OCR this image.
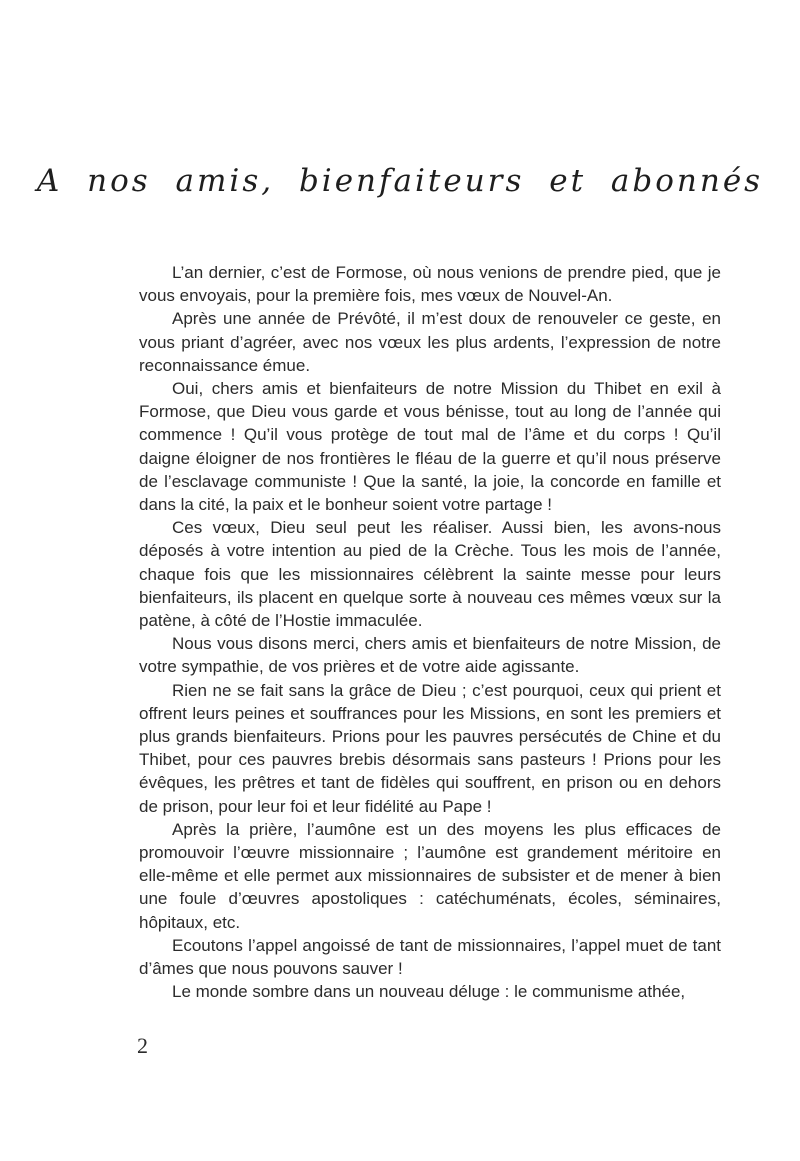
A nos amis, bienfaiteurs et abonnés

L’an dernier, c’est de Formose, où nous venions de prendre pied, que je vous envoyais, pour la première fois, mes vœux de Nouvel-An.

Après une année de Prévôté, il m’est doux de renouveler ce geste, en vous priant d’agréer, avec nos vœux les plus ardents, l’expression de notre reconnaissance émue.

Oui, chers amis et bienfaiteurs de notre Mission du Thibet en exil à Formose, que Dieu vous garde et vous bénisse, tout au long de l’année qui commence ! Qu’il vous protège de tout mal de l’âme et du corps ! Qu’il daigne éloigner de nos frontières le fléau de la guerre et qu’il nous préserve de l’esclavage communiste ! Que la santé, la joie, la concorde en famille et dans la cité, la paix et le bonheur soient votre partage !

Ces vœux, Dieu seul peut les réaliser. Aussi bien, les avons-nous déposés à votre intention au pied de la Crèche. Tous les mois de l’année, chaque fois que les missionnaires célèbrent la sainte messe pour leurs bienfaiteurs, ils placent en quelque sorte à nouveau ces mêmes vœux sur la patène, à côté de l’Hostie immaculée.

Nous vous disons merci, chers amis et bienfaiteurs de notre Mission, de votre sympathie, de vos prières et de votre aide agissante.

Rien ne se fait sans la grâce de Dieu ; c’est pourquoi, ceux qui prient et offrent leurs peines et souffrances pour les Missions, en sont les premiers et plus grands bienfaiteurs. Prions pour les pauvres persécutés de Chine et du Thibet, pour ces pauvres brebis désormais sans pasteurs ! Prions pour les évêques, les prêtres et tant de fidèles qui souffrent, en prison ou en dehors de prison, pour leur foi et leur fidélité au Pape !

Après la prière, l’aumône est un des moyens les plus efficaces de promouvoir l’œuvre missionnaire ; l’aumône est grandement méritoire en elle-même et elle permet aux missionnaires de subsister et de mener à bien une foule d’œuvres apostoliques : catéchuménats, écoles, séminaires, hôpitaux, etc.

Ecoutons l’appel angoissé de tant de missionnaires, l’appel muet de tant d’âmes que nous pouvons sauver !

Le monde sombre dans un nouveau déluge : le communisme athée,

2
